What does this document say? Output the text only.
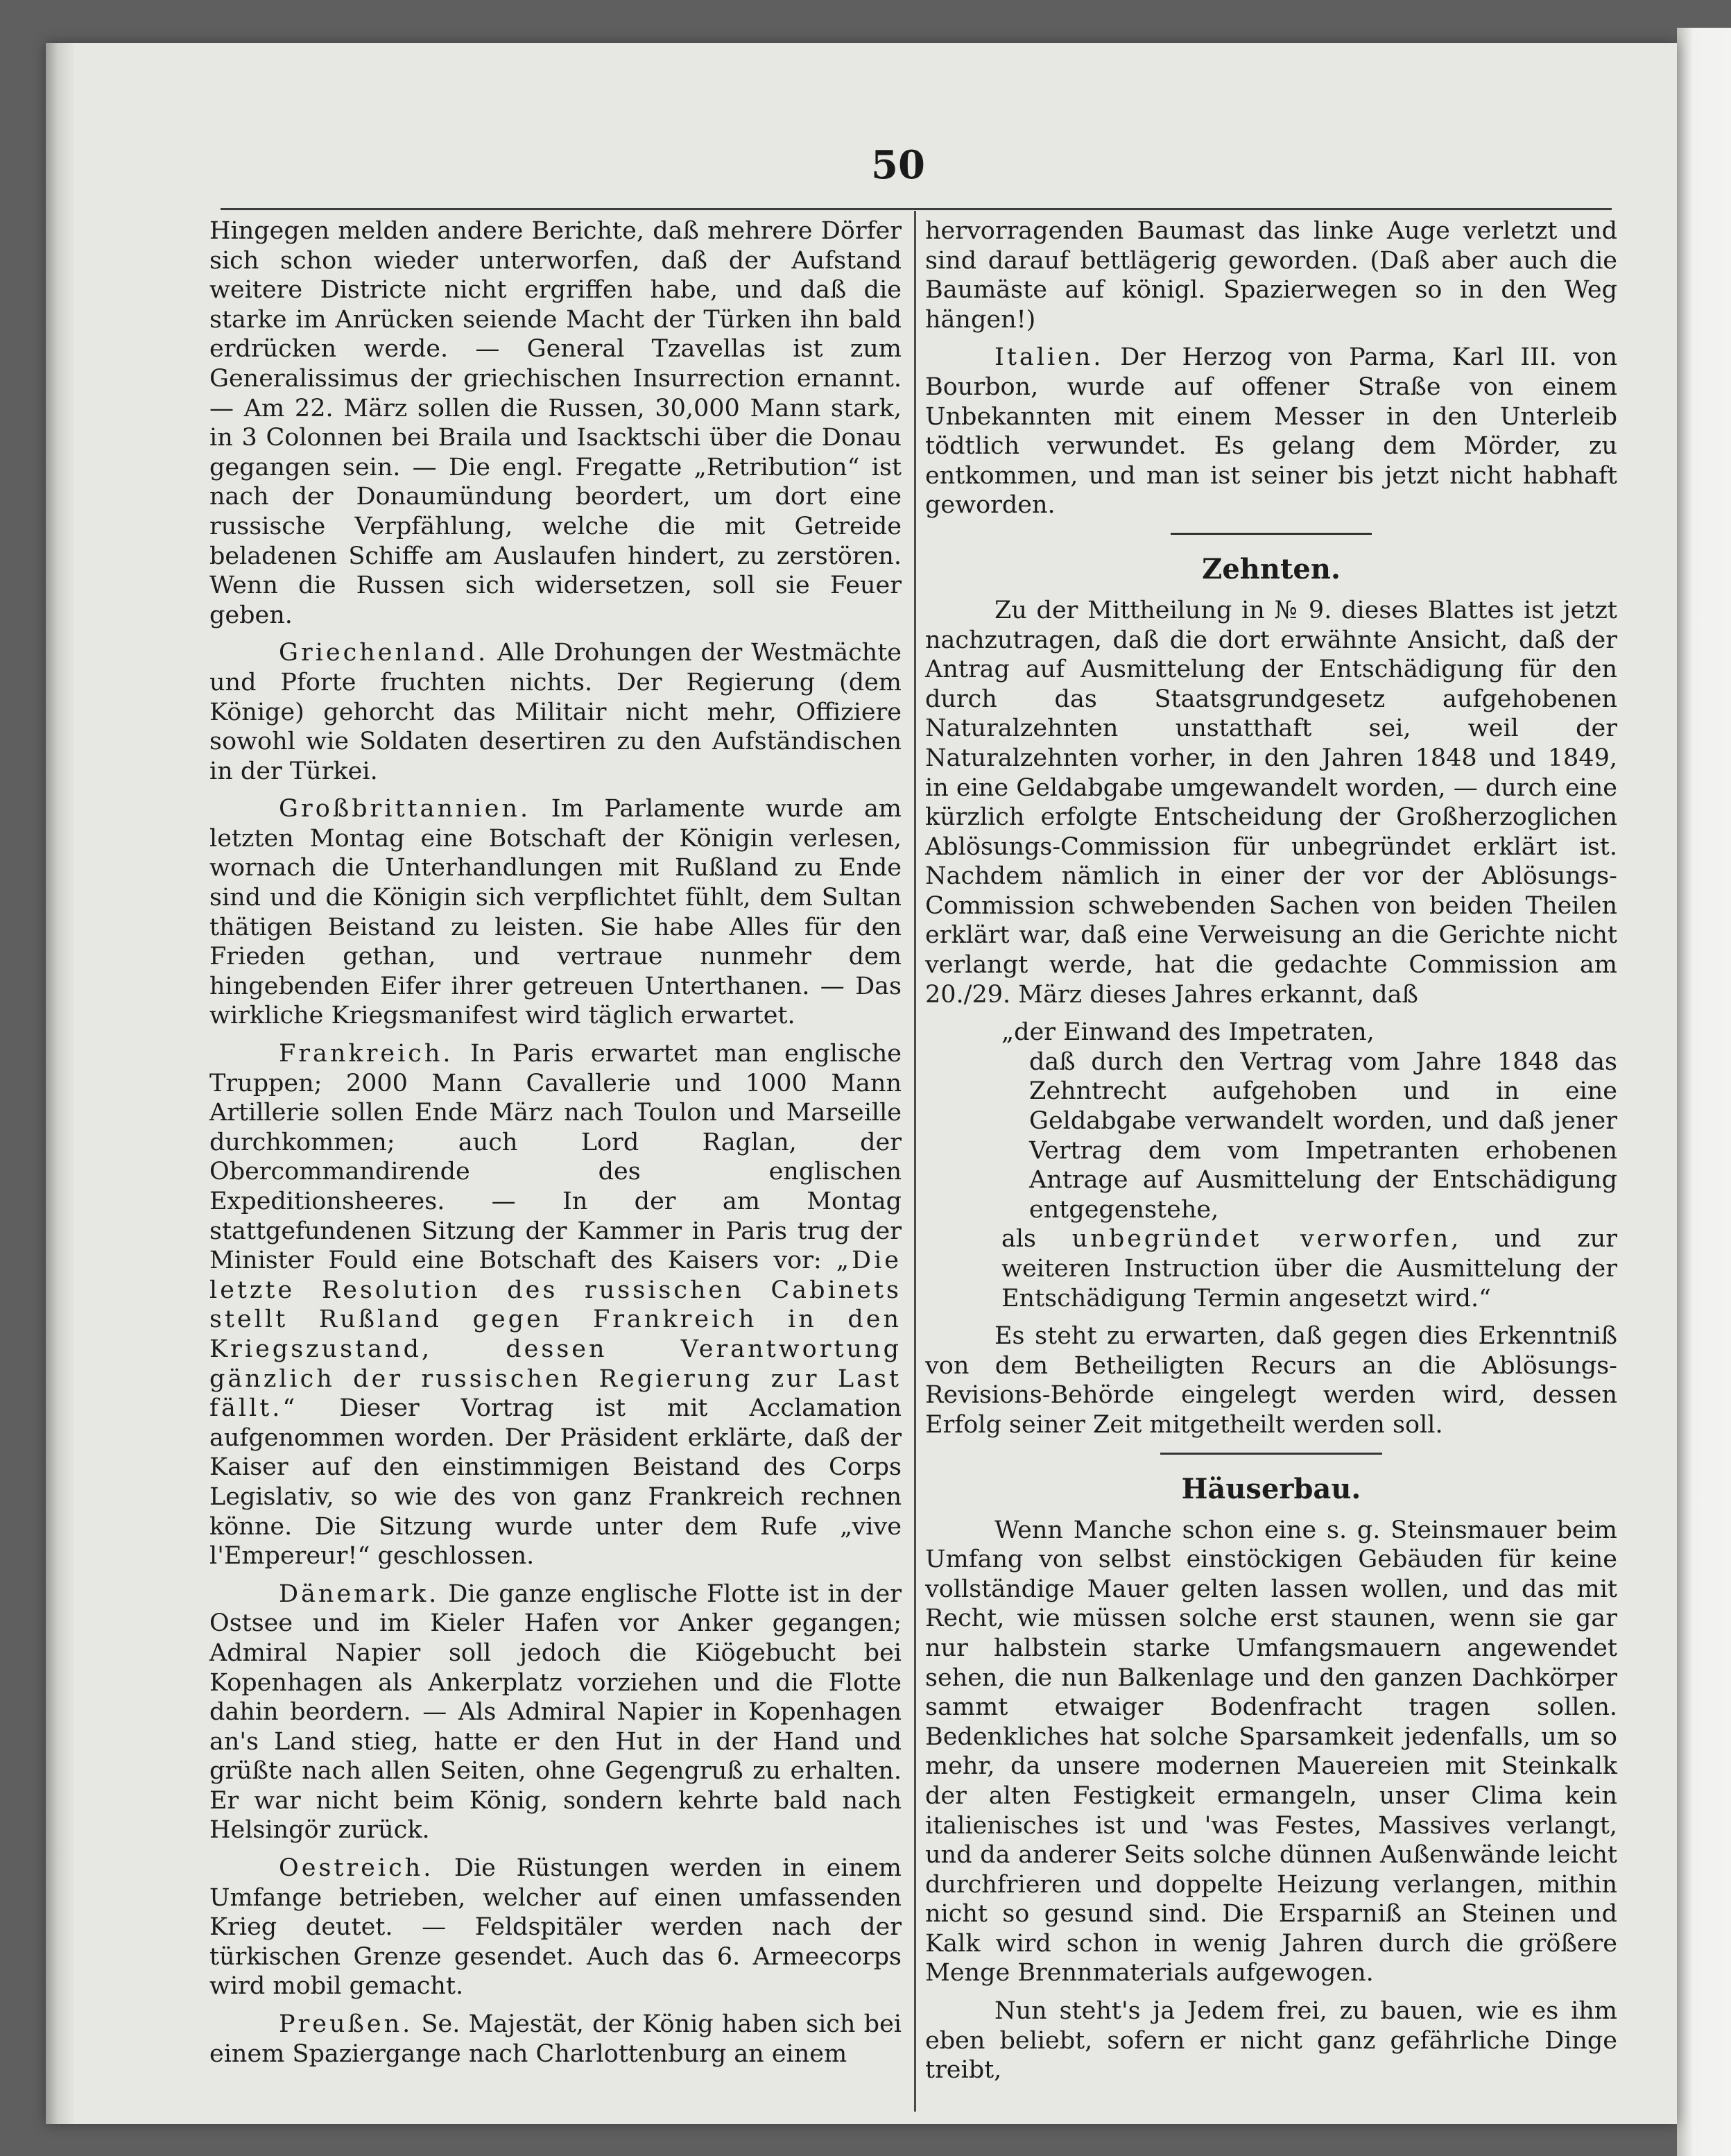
50

Hingegen melden andere Berichte, daß mehrere Dörfer sich schon wieder unterworfen, daß der Aufstand weitere Districte nicht ergriffen habe, und daß die starke im Anrücken seiende Macht der Türken ihn bald erdrücken werde. — General Tzavellas ist zum Generalissimus der griechischen Insurrection ernannt. — Am 22. März sollen die Russen, 30,000 Mann stark, in 3 Colonnen bei Braila und Isacktschi über die Donau gegangen sein. — Die engl. Fregatte „Retribution“ ist nach der Donaumündung beordert, um dort eine russische Verpfählung, welche die mit Getreide beladenen Schiffe am Auslaufen hindert, zu zerstören. Wenn die Russen sich widersetzen, soll sie Feuer geben.

Griechenland. Alle Drohungen der Westmächte und Pforte fruchten nichts. Der Regierung (dem Könige) gehorcht das Militair nicht mehr, Offiziere sowohl wie Soldaten desertiren zu den Aufständischen in der Türkei.

Großbrittannien. Im Parlamente wurde am letzten Montag eine Botschaft der Königin verlesen, wornach die Unterhandlungen mit Rußland zu Ende sind und die Königin sich verpflichtet fühlt, dem Sultan thätigen Beistand zu leisten. Sie habe Alles für den Frieden gethan, und vertraue nunmehr dem hingebenden Eifer ihrer getreuen Unterthanen. — Das wirkliche Kriegsmanifest wird täglich erwartet.

Frankreich. In Paris erwartet man englische Truppen; 2000 Mann Cavallerie und 1000 Mann Artillerie sollen Ende März nach Toulon und Marseille durchkommen; auch Lord Raglan, der Obercommandirende des englischen Expeditionsheeres. — In der am Montag stattgefundenen Sitzung der Kammer in Paris trug der Minister Fould eine Botschaft des Kaisers vor: „Die letzte Resolution des russischen Cabinets stellt Rußland gegen Frankreich in den Kriegszustand, dessen Verantwortung gänzlich der russischen Regierung zur Last fällt.“ Dieser Vortrag ist mit Acclamation aufgenommen worden. Der Präsident erklärte, daß der Kaiser auf den einstimmigen Beistand des Corps Legislativ, so wie des von ganz Frankreich rechnen könne. Die Sitzung wurde unter dem Rufe „vive l'Empereur!“ geschlossen.

Dänemark. Die ganze englische Flotte ist in der Ostsee und im Kieler Hafen vor Anker gegangen; Admiral Napier soll jedoch die Kiögebucht bei Kopenhagen als Ankerplatz vorziehen und die Flotte dahin beordern. — Als Admiral Napier in Kopenhagen an's Land stieg, hatte er den Hut in der Hand und grüßte nach allen Seiten, ohne Gegengruß zu erhalten. Er war nicht beim König, sondern kehrte bald nach Helsingör zurück.

Oestreich. Die Rüstungen werden in einem Umfange betrieben, welcher auf einen umfassenden Krieg deutet. — Feldspitäler werden nach der türkischen Grenze gesendet. Auch das 6. Armeecorps wird mobil gemacht.

Preußen. Se. Majestät, der König haben sich bei einem Spaziergange nach Charlottenburg an einem

hervorragenden Baumast das linke Auge verletzt und sind darauf bettlägerig geworden. (Daß aber auch die Baumäste auf königl. Spazierwegen so in den Weg hängen!)

Italien. Der Herzog von Parma, Karl III. von Bourbon, wurde auf offener Straße von einem Unbekannten mit einem Messer in den Unterleib tödtlich verwundet. Es gelang dem Mörder, zu entkommen, und man ist seiner bis jetzt nicht habhaft geworden.

Zehnten.

Zu der Mittheilung in № 9. dieses Blattes ist jetzt nachzutragen, daß die dort erwähnte Ansicht, daß der Antrag auf Ausmittelung der Entschädigung für den durch das Staatsgrundgesetz aufgehobenen Naturalzehnten unstatthaft sei, weil der Naturalzehnten vorher, in den Jahren 1848 und 1849, in eine Geldabgabe umgewandelt worden, — durch eine kürzlich erfolgte Entscheidung der Großherzoglichen Ablösungs-Commission für unbegründet erklärt ist. Nachdem nämlich in einer der vor der Ablösungs-Commission schwebenden Sachen von beiden Theilen erklärt war, daß eine Verweisung an die Gerichte nicht verlangt werde, hat die gedachte Commission am 20./29. März dieses Jahres erkannt, daß

„der Einwand des Impetraten,
daß durch den Vertrag vom Jahre 1848 das Zehntrecht aufgehoben und in eine Geldabgabe verwandelt worden, und daß jener Vertrag dem vom Impetranten erhobenen Antrage auf Ausmittelung der Entschädigung entgegenstehe,
als unbegründet verworfen, und zur weiteren Instruction über die Ausmittelung der Entschädigung Termin angesetzt wird.“

Es steht zu erwarten, daß gegen dies Erkenntniß von dem Betheiligten Recurs an die Ablösungs-Revisions-Behörde eingelegt werden wird, dessen Erfolg seiner Zeit mitgetheilt werden soll.

Häuserbau.

Wenn Manche schon eine s. g. Steinsmauer beim Umfang von selbst einstöckigen Gebäuden für keine vollständige Mauer gelten lassen wollen, und das mit Recht, wie müssen solche erst staunen, wenn sie gar nur halbstein starke Umfangsmauern angewendet sehen, die nun Balkenlage und den ganzen Dachkörper sammt etwaiger Bodenfracht tragen sollen. Bedenkliches hat solche Sparsamkeit jedenfalls, um so mehr, da unsere modernen Mauereien mit Steinkalk der alten Festigkeit ermangeln, unser Clima kein italienisches ist und 'was Festes, Massives verlangt, und da anderer Seits solche dünnen Außenwände leicht durchfrieren und doppelte Heizung verlangen, mithin nicht so gesund sind. Die Ersparniß an Steinen und Kalk wird schon in wenig Jahren durch die größere Menge Brennmaterials aufgewogen.

Nun steht's ja Jedem frei, zu bauen, wie es ihm eben beliebt, sofern er nicht ganz gefährliche Dinge treibt,
